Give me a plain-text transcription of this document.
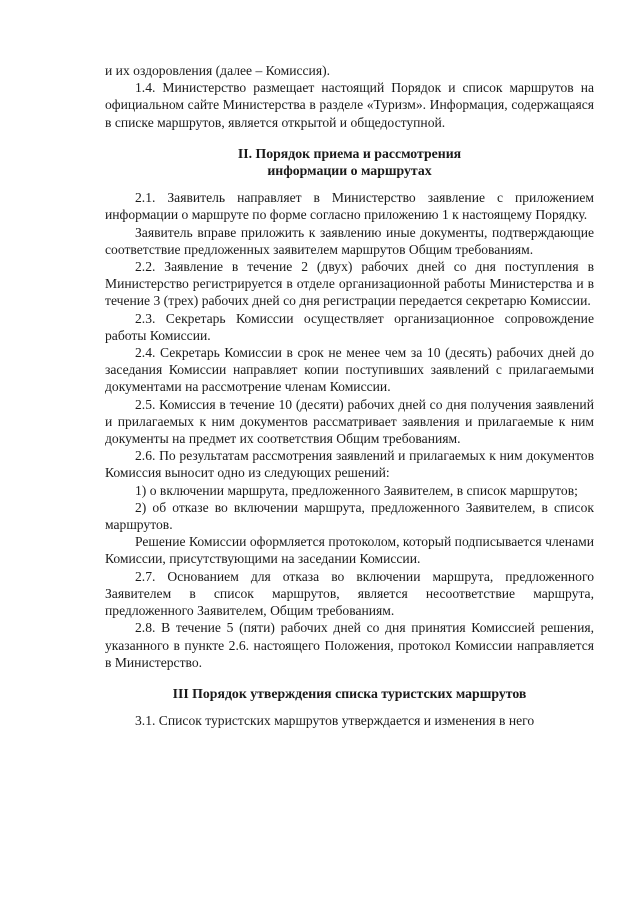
и их оздоровления (далее – Комиссия).

1.4. Министерство размещает настоящий Порядок и список маршрутов на официальном сайте Министерства в разделе «Туризм». Информация, содержащаяся в списке маршрутов, является открытой и общедоступной.

II. Порядок приема и рассмотрения
информации о маршрутах

2.1. Заявитель направляет в Министерство заявление с приложением информации о маршруте по форме согласно приложению 1 к настоящему Порядку.

Заявитель вправе приложить к заявлению иные документы, подтверждающие соответствие предложенных заявителем маршрутов Общим требованиям.

2.2. Заявление в течение 2 (двух) рабочих дней со дня поступления в Министерство регистрируется в отделе организационной работы Министерства и в течение 3 (трех) рабочих дней со дня регистрации передается секретарю Комиссии.

2.3. Секретарь Комиссии осуществляет организационное сопровождение работы Комиссии.

2.4. Секретарь Комиссии в срок не менее чем за 10 (десять) рабочих дней до заседания Комиссии направляет копии поступивших заявлений с прилагаемыми документами на рассмотрение членам Комиссии.

2.5. Комиссия в течение 10 (десяти) рабочих дней со дня получения заявлений и прилагаемых к ним документов рассматривает заявления и прилагаемые к ним документы на предмет их соответствия Общим требованиям.

2.6. По результатам рассмотрения заявлений и прилагаемых к ним документов Комиссия выносит одно из следующих решений:

1) о включении маршрута, предложенного Заявителем, в список маршрутов;

2) об отказе во включении маршрута, предложенного Заявителем, в список маршрутов.

Решение Комиссии оформляется протоколом, который подписывается членами Комиссии, присутствующими на заседании Комиссии.

2.7. Основанием для отказа во включении маршрута, предложенного Заявителем в список маршрутов, является несоответствие маршрута, предложенного Заявителем, Общим требованиям.

2.8. В течение 5 (пяти) рабочих дней со дня принятия Комиссией решения, указанного в пункте 2.6. настоящего Положения, протокол Комиссии направляется в Министерство.

III Порядок утверждения списка туристских маршрутов

3.1. Список туристских маршрутов утверждается и изменения в него
